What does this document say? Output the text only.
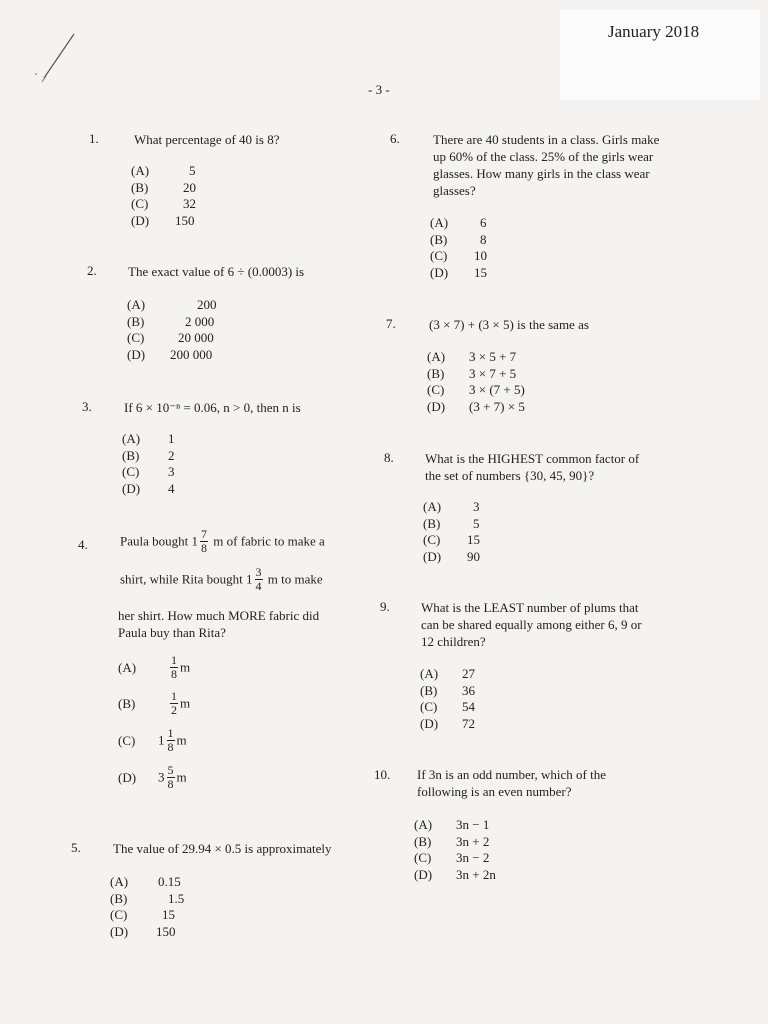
January 2018
- 3 -
1.	What percentage of 40 is 8?
(A)	5
(B)	20
(C)	32
(D) 150
2. The exact value of 6 ÷ (0.0003) is
(A)	200
(B)	2 000
(C)	20 000
(D) 200 000
3. If 6 × 10⁻ⁿ = 0.06, n > 0, then n is
(A) 1
(B) 2
(C) 3
(D) 4
4. Paula bought $1 \frac{7}{8}$ m of fabric to make a
shirt, while Rita bought $1 \frac{3}{4}$ m to make
her shirt. How much MORE fabric did
Paula buy than Rita?
(A)	$\frac{1}{8}$ m
(B)	$\frac{1}{2}$ m
(C) $1 \frac{1}{8}$ m
(D) $3 \frac{5}{8}$ m
5. The value of 29.94 × 0.5 is approximately
(A) 0.15
(B)	1.5
(C)	15
(D) 150
6.	There are 40 students in a class. Girls make
up 60% of the class. 25% of the girls wear
glasses. How many girls in the class wear
glasses?
(A) 6
(B)	8
(C) 10
(D) 15
7.	(3 × 7) + (3 × 5) is the same as
(A) 3 × 5 + 7
(B) 3 × 7 + 5
(C) 3 × (7 + 5)
(D) (3 + 7) × 5
8. What is the HIGHEST common factor of
the set of numbers {30, 45, 90}?
(A) 3
(B)	5
(C) 15
(D) 90
9. What is the LEAST number of plums that
can be shared equally among either 6, 9 or
12 children?
(A) 27
(B) 36
(C) 54
(D) 72
10. If 3n is an odd number, which of the
following is an even number?
(A) 3n − 1
(B) 3n + 2
(C) 3n − 2
(D) 3n + 2n
